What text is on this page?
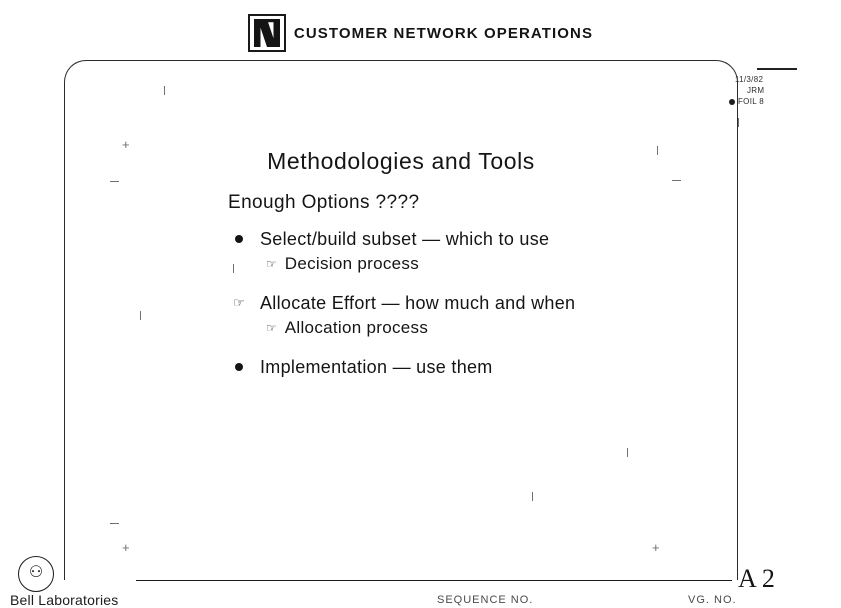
CUSTOMER NETWORK OPERATIONS
+
+	+
11/3/82
JRM
FOIL 8
Methodologies and Tools
Enough Options ????
Select/build subset — which to use
☞ Decision process
☞ Allocate Effort — how much and when
☞ Allocation process
Implementation — use them
⚇
Bell Laboratories	SEQUENCE NO.	VG. NO.
A 2
